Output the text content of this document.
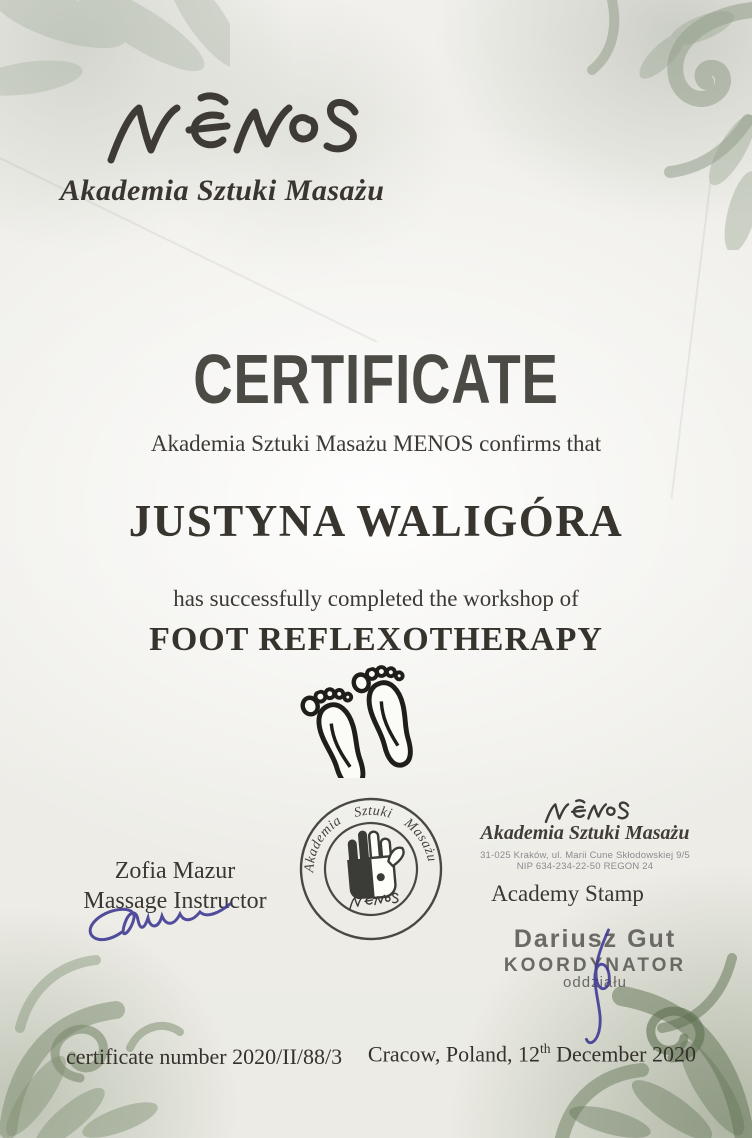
Akademia Sztuki Masażu
CERTIFICATE
Akademia Sztuki Masażu MENOS confirms that
JUSTYNA WALIGÓRA
has successfully completed the workshop of
FOOT REFLEXOTHERAPY
Zofia Mazur
Massage Instructor
Akademia Sztuki Masażu
Akademia Sztuki Masażu
31-025 Kraków, ul. Marii Cune Skłodowskiej 9/5
NIP 634-234-22-50 REGON 24
Academy Stamp
Dariusz Gut
KOORDYNATOR
oddziału
certificate number 2020/II/88/3 Cracow, Poland, 12th December 2020
